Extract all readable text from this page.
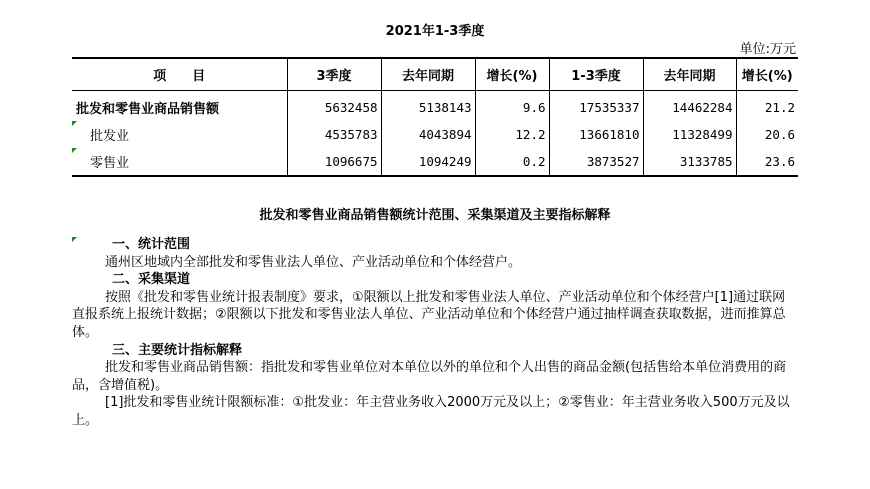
2021年1-3季度
单位:万元
项　　目	3季度	去年同期	增长(%)	1-3季度	去年同期	增长(%)
批发和零售业商品销售额	5632458	5138143	9.6	17535337	14462284	21.2

批发业	4535783	4043894	12.2	13661810	11328499	20.6

零售业	1096675	1094249	0.2	3873527	3133785	23.6
批发和零售业商品销售额统计范围、采集渠道及主要指标解释
一、统计范围
通州区地域内全部批发和零售业法人单位、产业活动单位和个体经营户。
二、采集渠道
按照《批发和零售业统计报表制度》要求，①限额以上批发和零售业法人单位、产业活动单位和个体经营户[1]通过联网直报系统上报统计数据；②限额以下批发和零售业法人单位、产业活动单位和个体经营户通过抽样调查获取数据，进而推算总体。
三、主要统计指标解释
批发和零售业商品销售额：指批发和零售业单位对本单位以外的单位和个人出售的商品金额(包括售给本单位消费用的商品，含增值税)。
[1]批发和零售业统计限额标准：①批发业：年主营业务收入2000万元及以上；②零售业：年主营业务收入500万元及以上。
